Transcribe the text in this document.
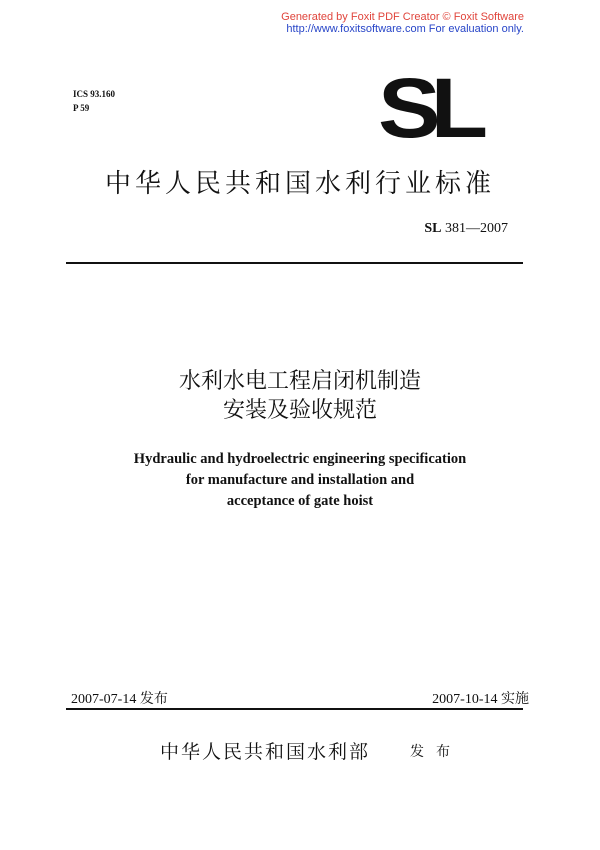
Generated by Foxit PDF Creator © Foxit Software
http://www.foxitsoftware.com For evaluation only.
ICS 93.160
P 59	SL
中华人民共和国水利行业标准
SL 381—2007
水利水电工程启闭机制造
安装及验收规范
Hydraulic and hydroelectric engineering specification
for manufacture and installation and
acceptance of gate hoist
2007-07-14 发布	2007-10-14 实施
中华人民共和国水利部	发 布
